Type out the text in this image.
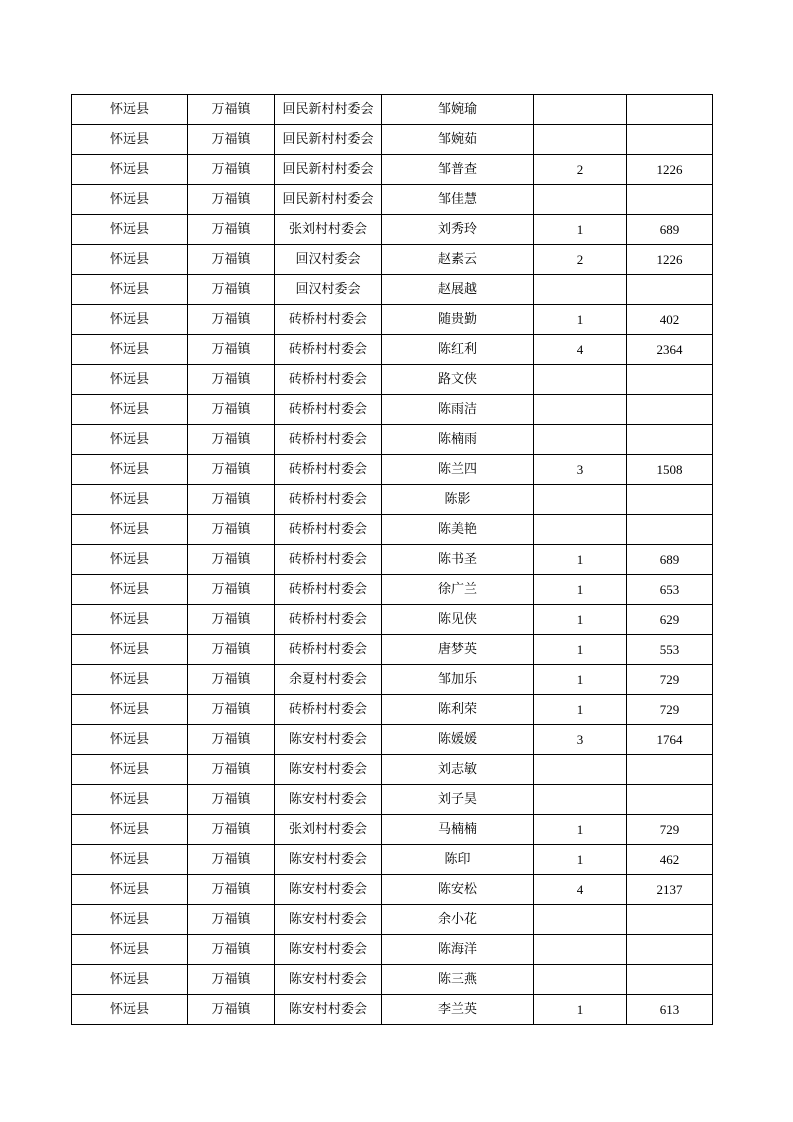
怀远县	万福镇	回民新村村委会	邹婉瑜		
怀远县	万福镇	回民新村村委会	邹婉茹		
怀远县	万福镇	回民新村村委会	邹普查	2	1226
怀远县	万福镇	回民新村村委会	邹佳慧		
怀远县	万福镇	张刘村村委会	刘秀玲	1	689
怀远县	万福镇	回汉村委会	赵素云	2	1226
怀远县	万福镇	回汉村委会	赵展越		
怀远县	万福镇	砖桥村村委会	随贵勤	1	402
怀远县	万福镇	砖桥村村委会	陈红利	4	2364
怀远县	万福镇	砖桥村村委会	路文侠		
怀远县	万福镇	砖桥村村委会	陈雨洁		
怀远县	万福镇	砖桥村村委会	陈楠雨		
怀远县	万福镇	砖桥村村委会	陈兰四	3	1508
怀远县	万福镇	砖桥村村委会	陈影		
怀远县	万福镇	砖桥村村委会	陈美艳		
怀远县	万福镇	砖桥村村委会	陈书圣	1	689
怀远县	万福镇	砖桥村村委会	徐广兰	1	653
怀远县	万福镇	砖桥村村委会	陈见侠	1	629
怀远县	万福镇	砖桥村村委会	唐梦英	1	553
怀远县	万福镇	余夏村村委会	邹加乐	1	729
怀远县	万福镇	砖桥村村委会	陈利荣	1	729
怀远县	万福镇	陈安村村委会	陈媛媛	3	1764
怀远县	万福镇	陈安村村委会	刘志敏		
怀远县	万福镇	陈安村村委会	刘子昊		
怀远县	万福镇	张刘村村委会	马楠楠	1	729
怀远县	万福镇	陈安村村委会	陈印	1	462
怀远县	万福镇	陈安村村委会	陈安松	4	2137
怀远县	万福镇	陈安村村委会	余小花		
怀远县	万福镇	陈安村村委会	陈海洋		
怀远县	万福镇	陈安村村委会	陈三燕		
怀远县	万福镇	陈安村村委会	李兰英	1	613
